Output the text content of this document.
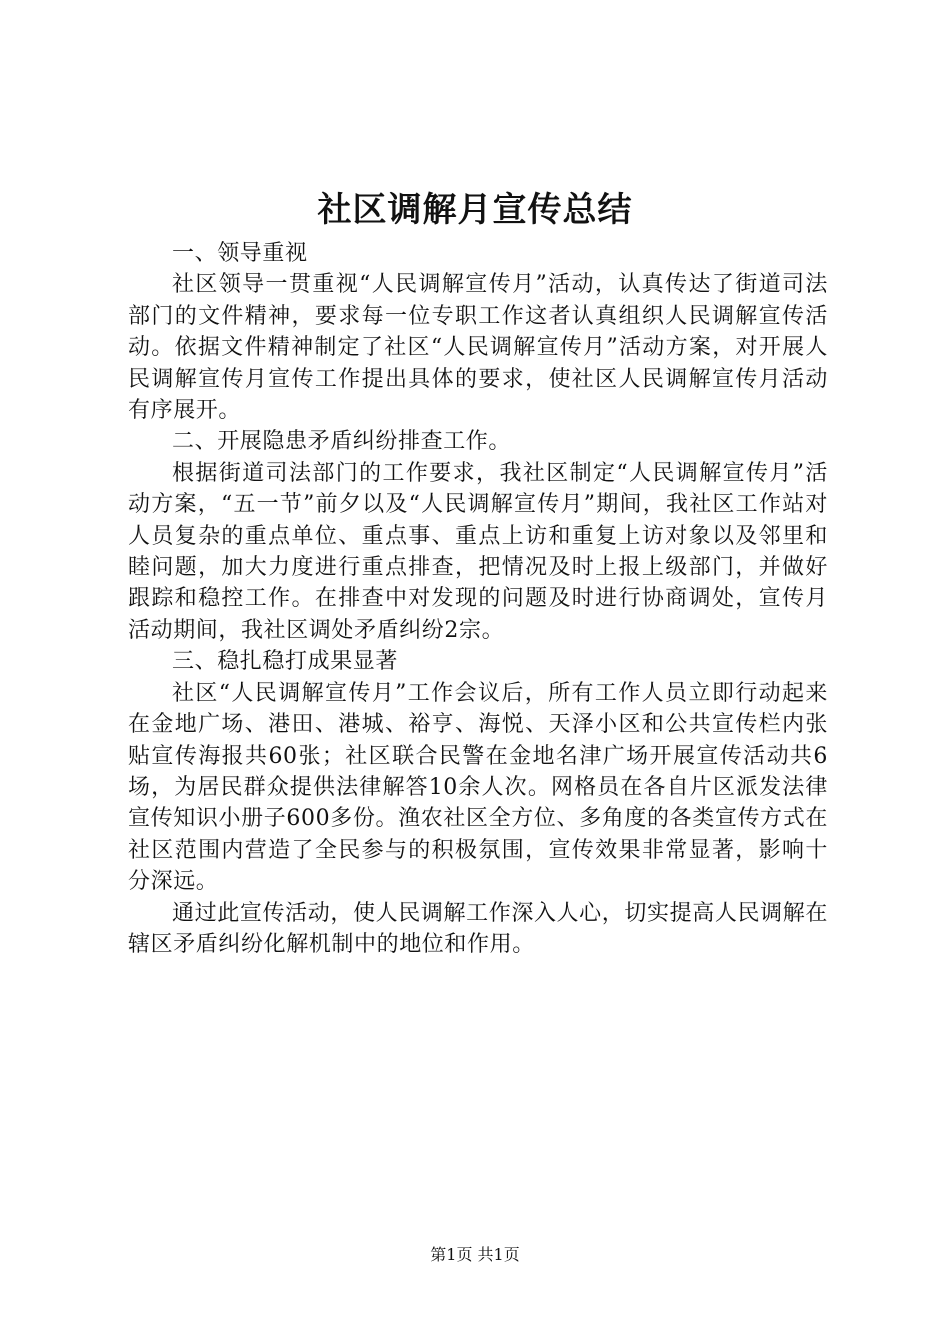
社区调解月宣传总结

一、领导重视

社区领导一贯重视“人民调解宣传月”活动，认真传达了街道司法部门的文件精神，要求每一位专职工作这者认真组织人民调解宣传活动。依据文件精神制定了社区“人民调解宣传月”活动方案，对开展人民调解宣传月宣传工作提出具体的要求，使社区人民调解宣传月活动有序展开。

二、开展隐患矛盾纠纷排查工作。

根据街道司法部门的工作要求，我社区制定“人民调解宣传月”活动方案，“五一节”前夕以及“人民调解宣传月”期间，我社区工作站对人员复杂的重点单位、重点事、重点上访和重复上访对象以及邻里和睦问题，加大力度进行重点排查，把情况及时上报上级部门，并做好跟踪和稳控工作。在排查中对发现的问题及时进行协商调处，宣传月活动期间，我社区调处矛盾纠纷2宗。

三、稳扎稳打成果显著

社区“人民调解宣传月”工作会议后，所有工作人员立即行动起来在金地广场、港田、港城、裕亨、海悦、天泽小区和公共宣传栏内张贴宣传海报共60张；社区联合民警在金地名津广场开展宣传活动共6场，为居民群众提供法律解答10余人次。网格员在各自片区派发法律宣传知识小册子600多份。渔农社区全方位、多角度的各类宣传方式在社区范围内营造了全民参与的积极氛围，宣传效果非常显著，影响十分深远。

通过此宣传活动，使人民调解工作深入人心，切实提高人民调解在辖区矛盾纠纷化解机制中的地位和作用。

第1页 共1页
